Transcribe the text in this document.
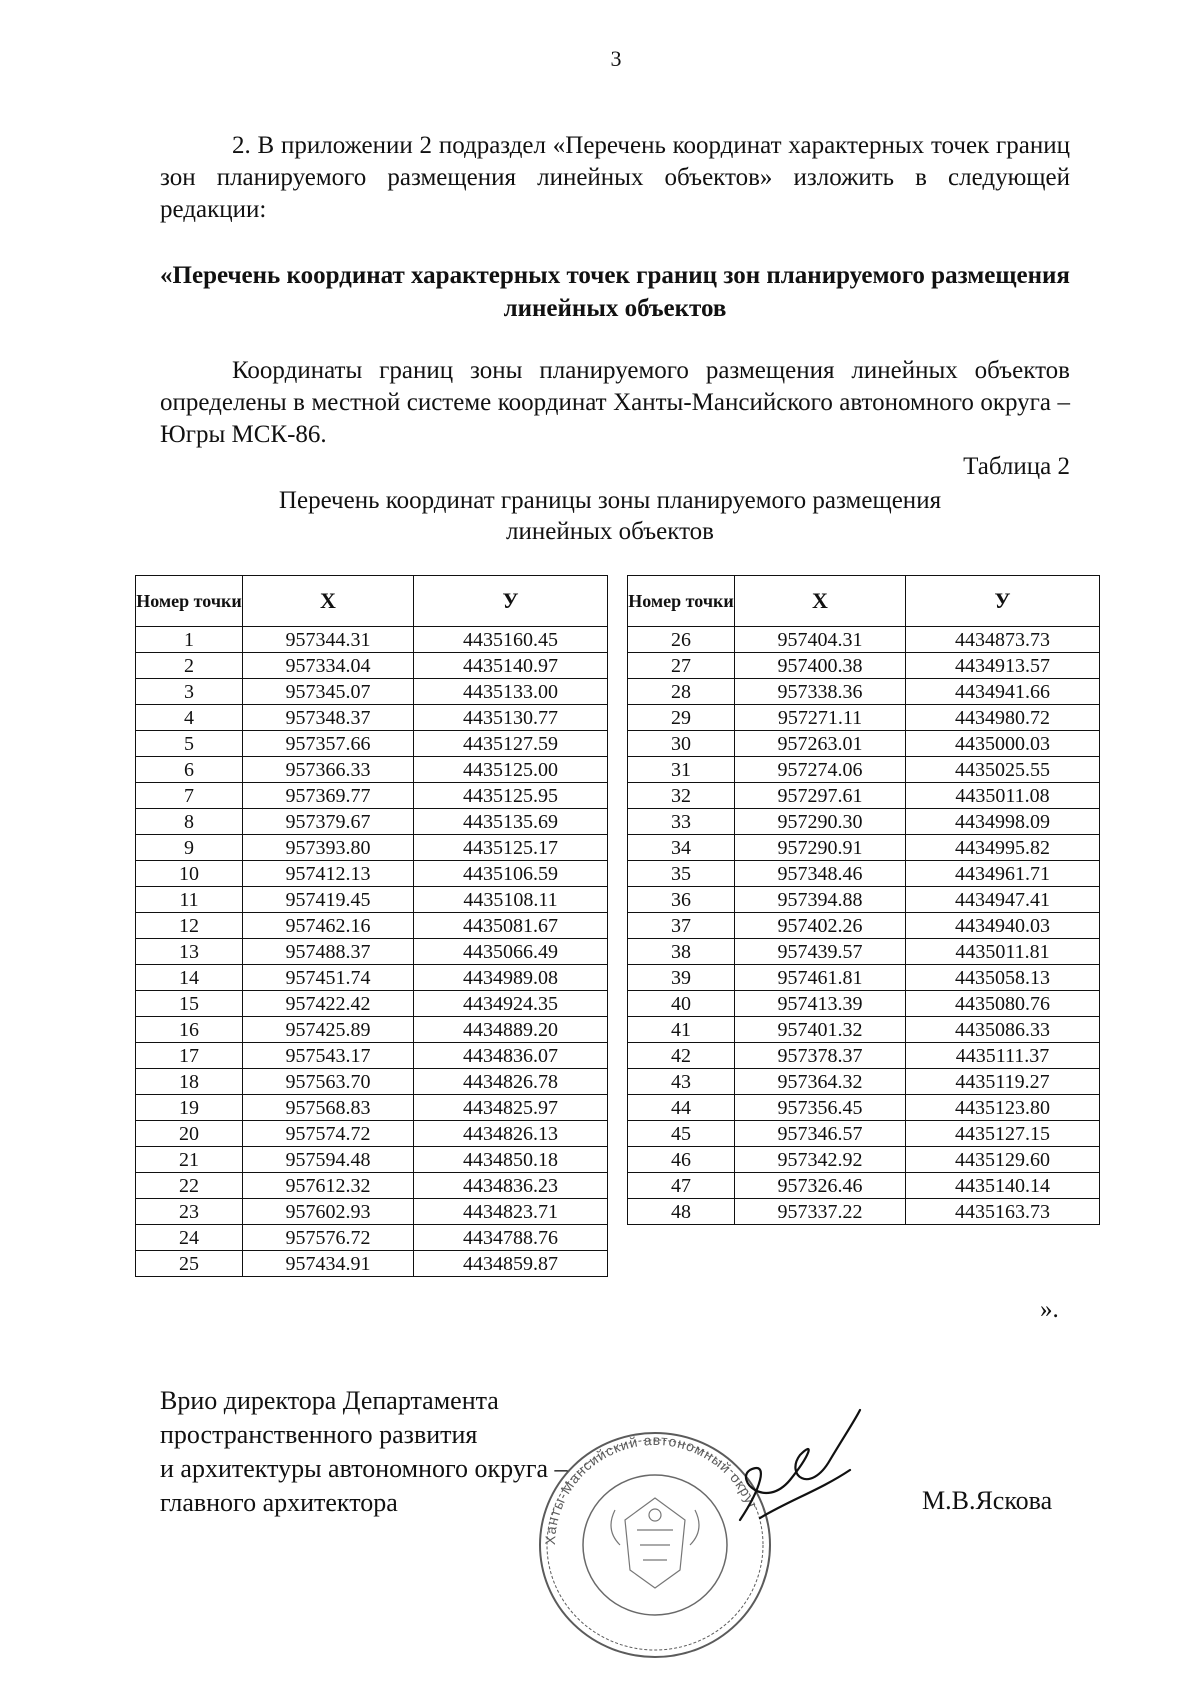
3
2. В приложении 2 подраздел «Перечень координат характерных точек границ зон планируемого размещения линейных объектов» изложить в следующей редакции:
«Перечень координат характерных точек границ зон планируемого размещения линейных объектов
Координаты границ зоны планируемого размещения линейных объектов определены в местной системе координат Ханты-Мансийского автономного округа – Югры МСК-86.
Таблица 2
Перечень координат границы зоны планируемого размещения линейных объектов
Номер точки	X	У
1	957344.31	4435160.45
2	957334.04	4435140.97
3	957345.07	4435133.00
4	957348.37	4435130.77
5	957357.66	4435127.59
6	957366.33	4435125.00
7	957369.77	4435125.95
8	957379.67	4435135.69
9	957393.80	4435125.17
10	957412.13	4435106.59
11	957419.45	4435108.11
12	957462.16	4435081.67
13	957488.37	4435066.49
14	957451.74	4434989.08
15	957422.42	4434924.35
16	957425.89	4434889.20
17	957543.17	4434836.07
18	957563.70	4434826.78
19	957568.83	4434825.97
20	957574.72	4434826.13
21	957594.48	4434850.18
22	957612.32	4434836.23
23	957602.93	4434823.71
24	957576.72	4434788.76
25	957434.91	4434859.87
Номер точки	X	У
26	957404.31	4434873.73
27	957400.38	4434913.57
28	957338.36	4434941.66
29	957271.11	4434980.72
30	957263.01	4435000.03
31	957274.06	4435025.55
32	957297.61	4435011.08
33	957290.30	4434998.09
34	957290.91	4434995.82
35	957348.46	4434961.71
36	957394.88	4434947.41
37	957402.26	4434940.03
38	957439.57	4435011.81
39	957461.81	4435058.13
40	957413.39	4435080.76
41	957401.32	4435086.33
42	957378.37	4435111.37
43	957364.32	4435119.27
44	957356.45	4435123.80
45	957346.57	4435127.15
46	957342.92	4435129.60
47	957326.46	4435140.14
48	957337.22	4435163.73
».
Врио директора Департамента
пространственного развития
и архитектуры автономного округа –
главного архитектора	М.В.Яскова
Ханты-Мансийский автономный округ
